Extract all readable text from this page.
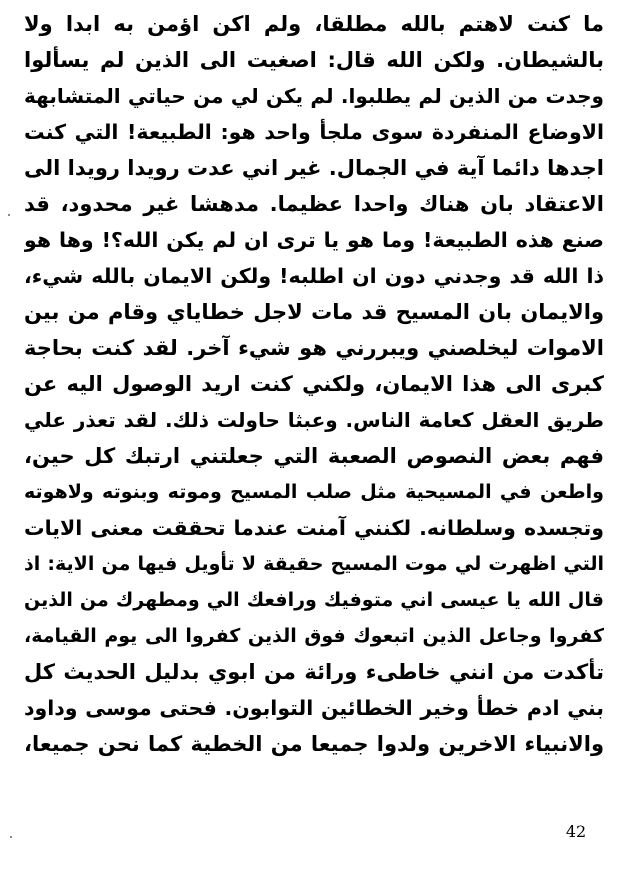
ما كنت لاهتم بالله مطلقا، ولم اكن اؤمن به ابدا ولا
بالشيطان. ولكن الله قال: اصغيت الى الذين لم يسألوا
وجدت من الذين لم يطلبوا. لم يكن لي من حياتي المتشابهة
الاوضاع المنفردة سوى ملجأ واحد هو: الطبيعة! التي كنت
اجدها دائما آية في الجمال. غير اني عدت رويدا رويدا الى
الاعتقاد بان هناك واحدا عظيما. مدهشا غير محدود، قد
صنع هذه الطبيعة! وما هو يا ترى ان لم يكن الله؟! وها هو
ذا الله قد وجدني دون ان اطلبه! ولكن الايمان بالله شيء،
والايمان بان المسيح قد مات لاجل خطاياي وقام من بين
الاموات ليخلصني ويبررني هو شيء آخر. لقد كنت بحاجة
كبرى الى هذا الايمان، ولكني كنت اريد الوصول اليه عن
طريق العقل كعامة الناس. وعبثا حاولت ذلك. لقد تعذر علي
فهم بعض النصوص الصعبة التي جعلتني ارتبك كل حين،
واطعن في المسيحية مثل صلب المسيح وموته وبنوته ولاهوته
وتجسده وسلطانه. لكنني آمنت عندما تحققت معنى الايات
التي اظهرت لي موت المسيح حقيقة لا تأويل فيها من الاية: اذ
قال الله يا عيسى اني متوفيك ورافعك الي ومطهرك من الذين
كفروا وجاعل الذين اتبعوك فوق الذين كفروا الى يوم القيامة،
تأكدت من انني خاطىء ورائة من ابوي بدليل الحديث كل
بني ادم خطأ وخير الخطائين التوابون. فحتى موسى وداود
والانبياء الاخرين ولدوا جميعا من الخطية كما نحن جميعا،
42
